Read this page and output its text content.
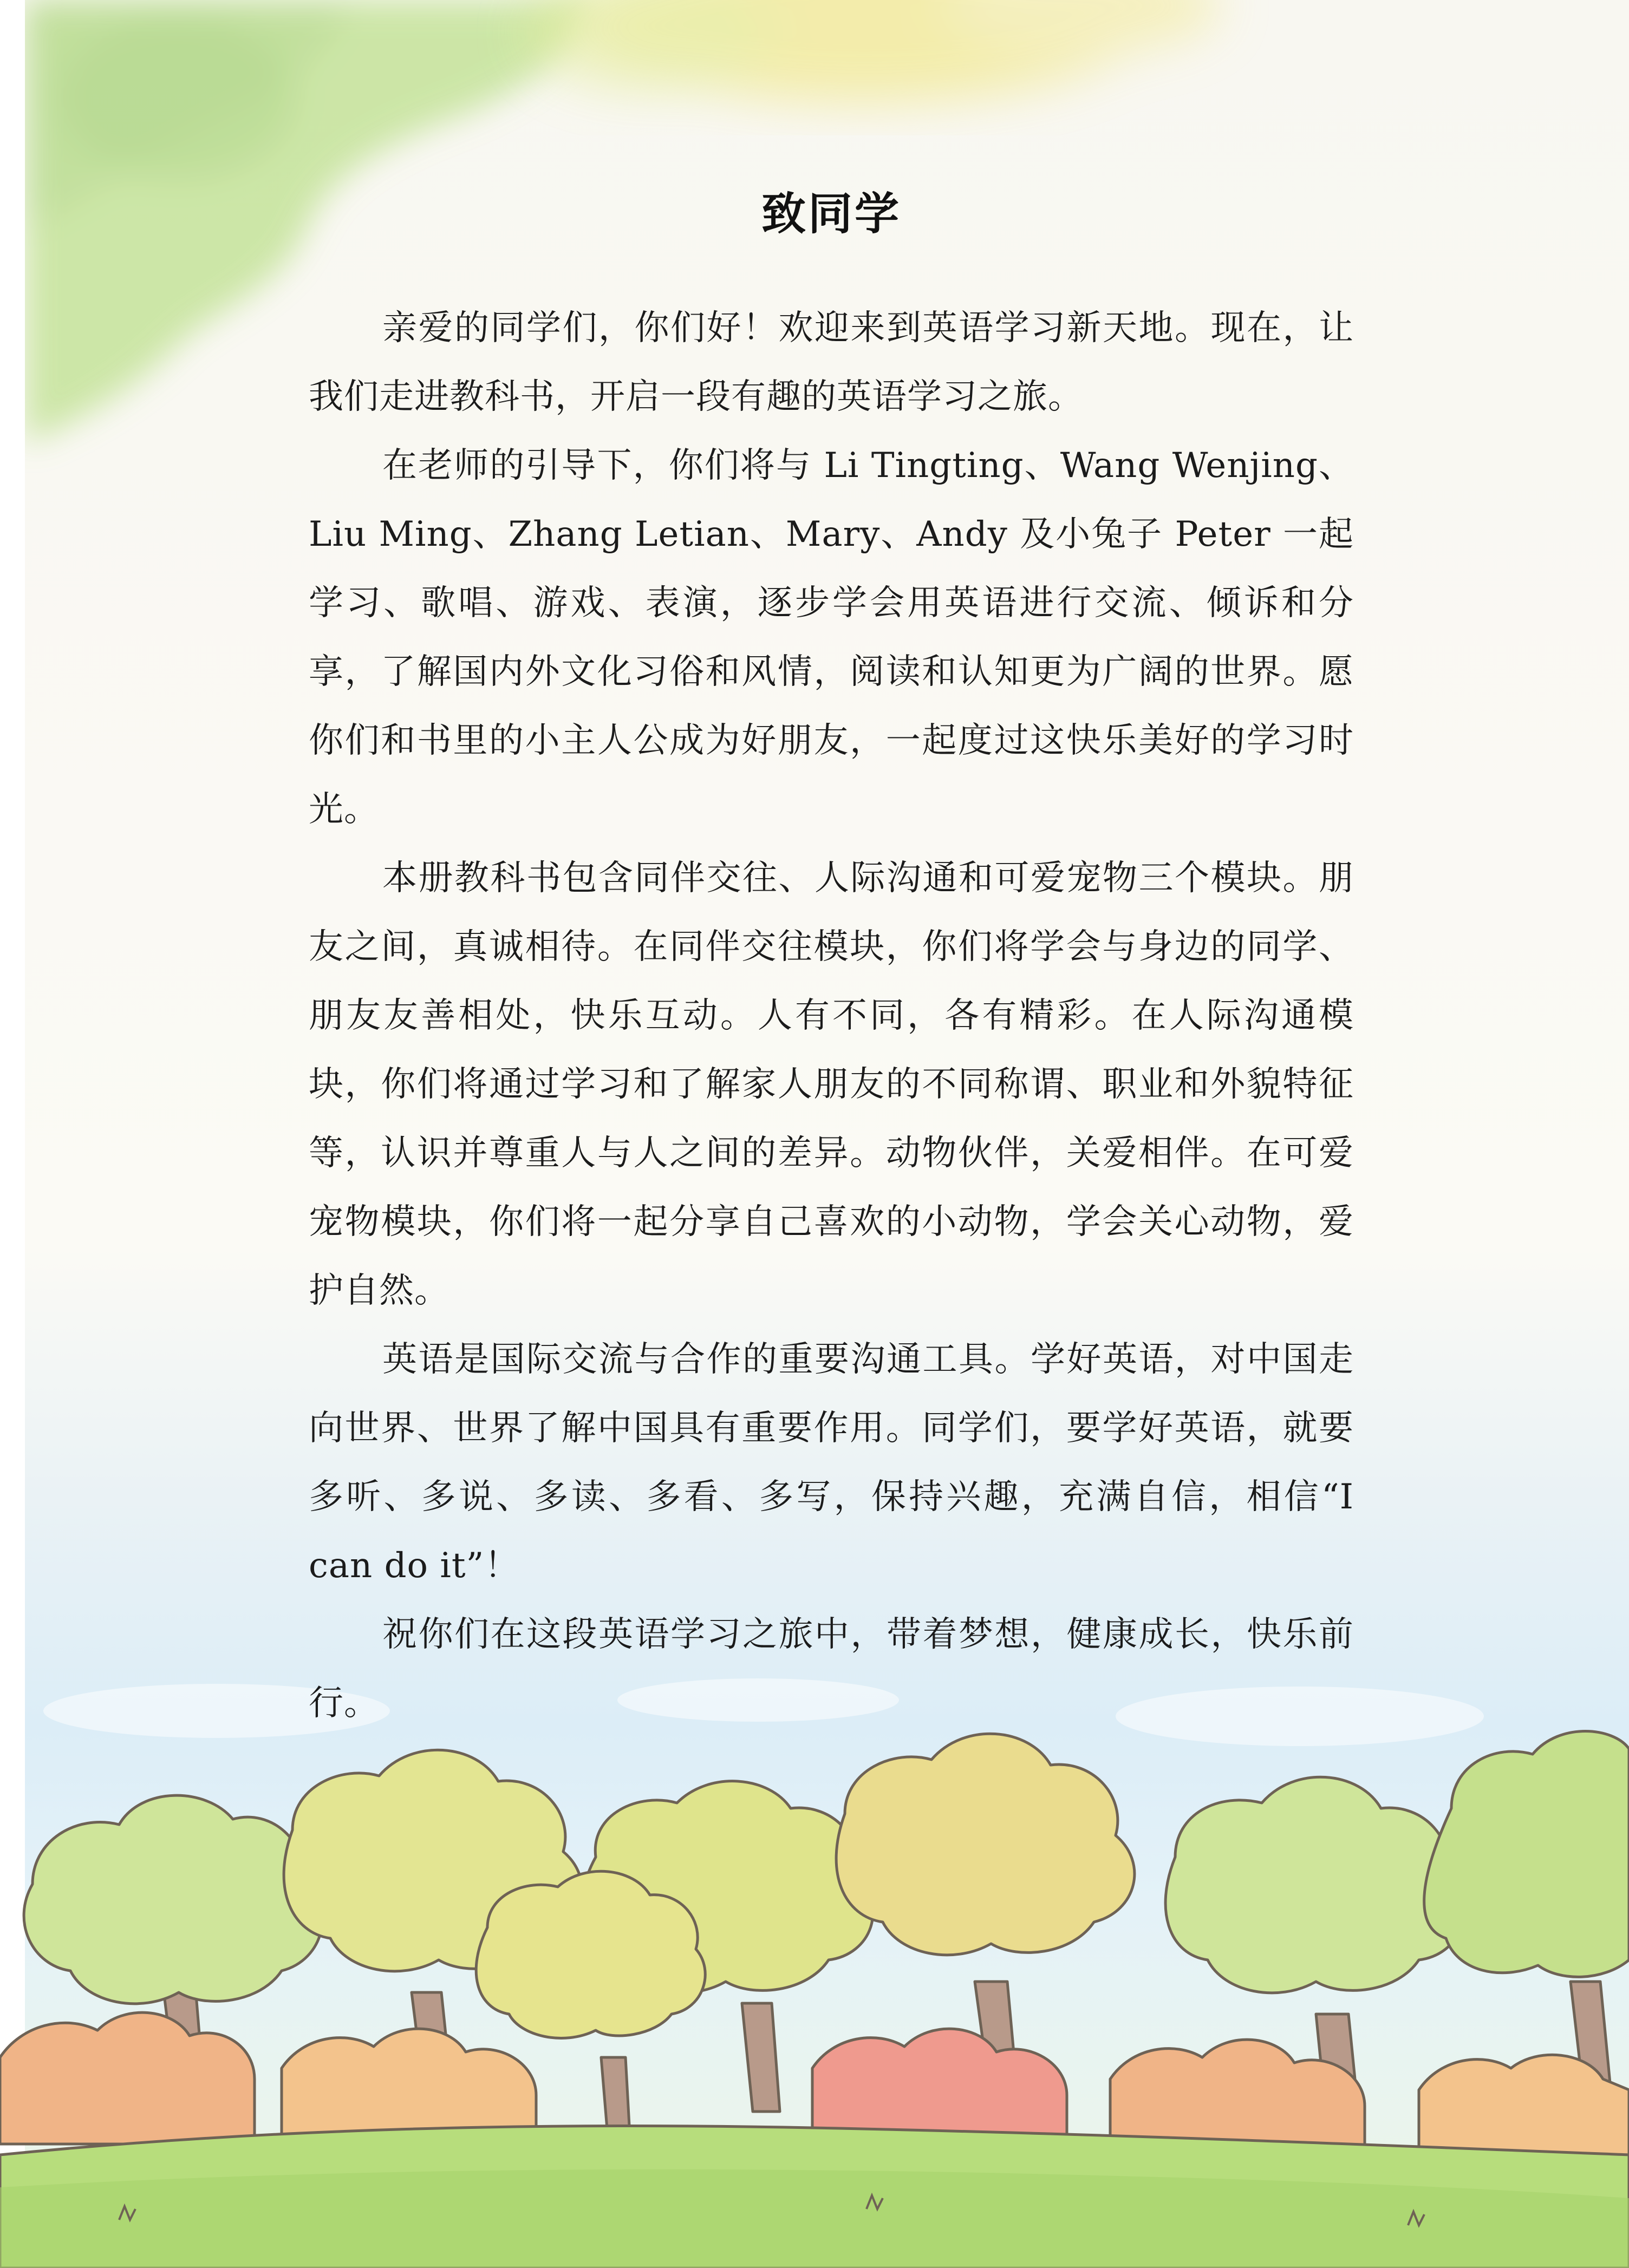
致同学

亲爱的同学们，你们好！欢迎来到英语学习新天地。现在，让我们走进教科书，开启一段有趣的英语学习之旅。

在老师的引导下，你们将与 Li Tingting、Wang Wenjing、Liu Ming、Zhang Letian、Mary、Andy 及小兔子 Peter 一起学习、歌唱、游戏、表演，逐步学会用英语进行交流、倾诉和分享，了解国内外文化习俗和风情，阅读和认知更为广阔的世界。愿你们和书里的小主人公成为好朋友，一起度过这快乐美好的学习时光。

本册教科书包含同伴交往、人际沟通和可爱宠物三个模块。朋友之间，真诚相待。在同伴交往模块，你们将学会与身边的同学、朋友友善相处，快乐互动。人有不同，各有精彩。在人际沟通模块，你们将通过学习和了解家人朋友的不同称谓、职业和外貌特征等，认识并尊重人与人之间的差异。动物伙伴，关爱相伴。在可爱宠物模块，你们将一起分享自己喜欢的小动物，学会关心动物，爱护自然。

英语是国际交流与合作的重要沟通工具。学好英语，对中国走向世界、世界了解中国具有重要作用。同学们，要学好英语，就要多听、多说、多读、多看、多写，保持兴趣，充满自信，相信“I can do it”！

祝你们在这段英语学习之旅中，带着梦想，健康成长，快乐前行。
